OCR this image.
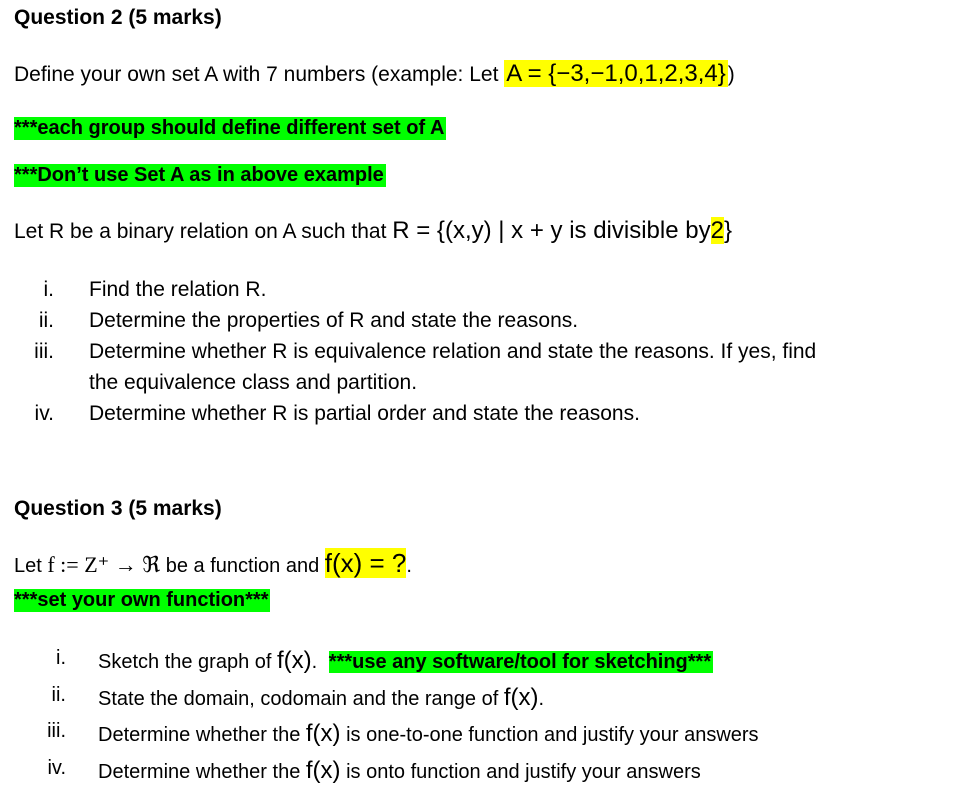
Question 2 (5 marks)
Define your own set A with 7 numbers (example: Let A = {−3,−1,0,1,2,3,4})
***each group should define different set of A
***Don’t use Set A as in above example
Let R be a binary relation on A such that R = {(x,y) | x + y is divisible by2}
i. Find the relation R.
ii. Determine the properties of R and state the reasons.
iii. Determine whether R is equivalence relation and state the reasons. If yes, find
the equivalence class and partition.
iv. Determine whether R is partial order and state the reasons.
Question 3 (5 marks)
Let f := Z⁺ → ℜ be a function and f(x) = ?.
***set your own function***
i. Sketch the graph of f(x). ***use any software/tool for sketching***
ii. State the domain, codomain and the range of f(x).
iii. Determine whether the f(x) is one-to-one function and justify your answers
iv. Determine whether the f(x) is onto function and justify your answers
